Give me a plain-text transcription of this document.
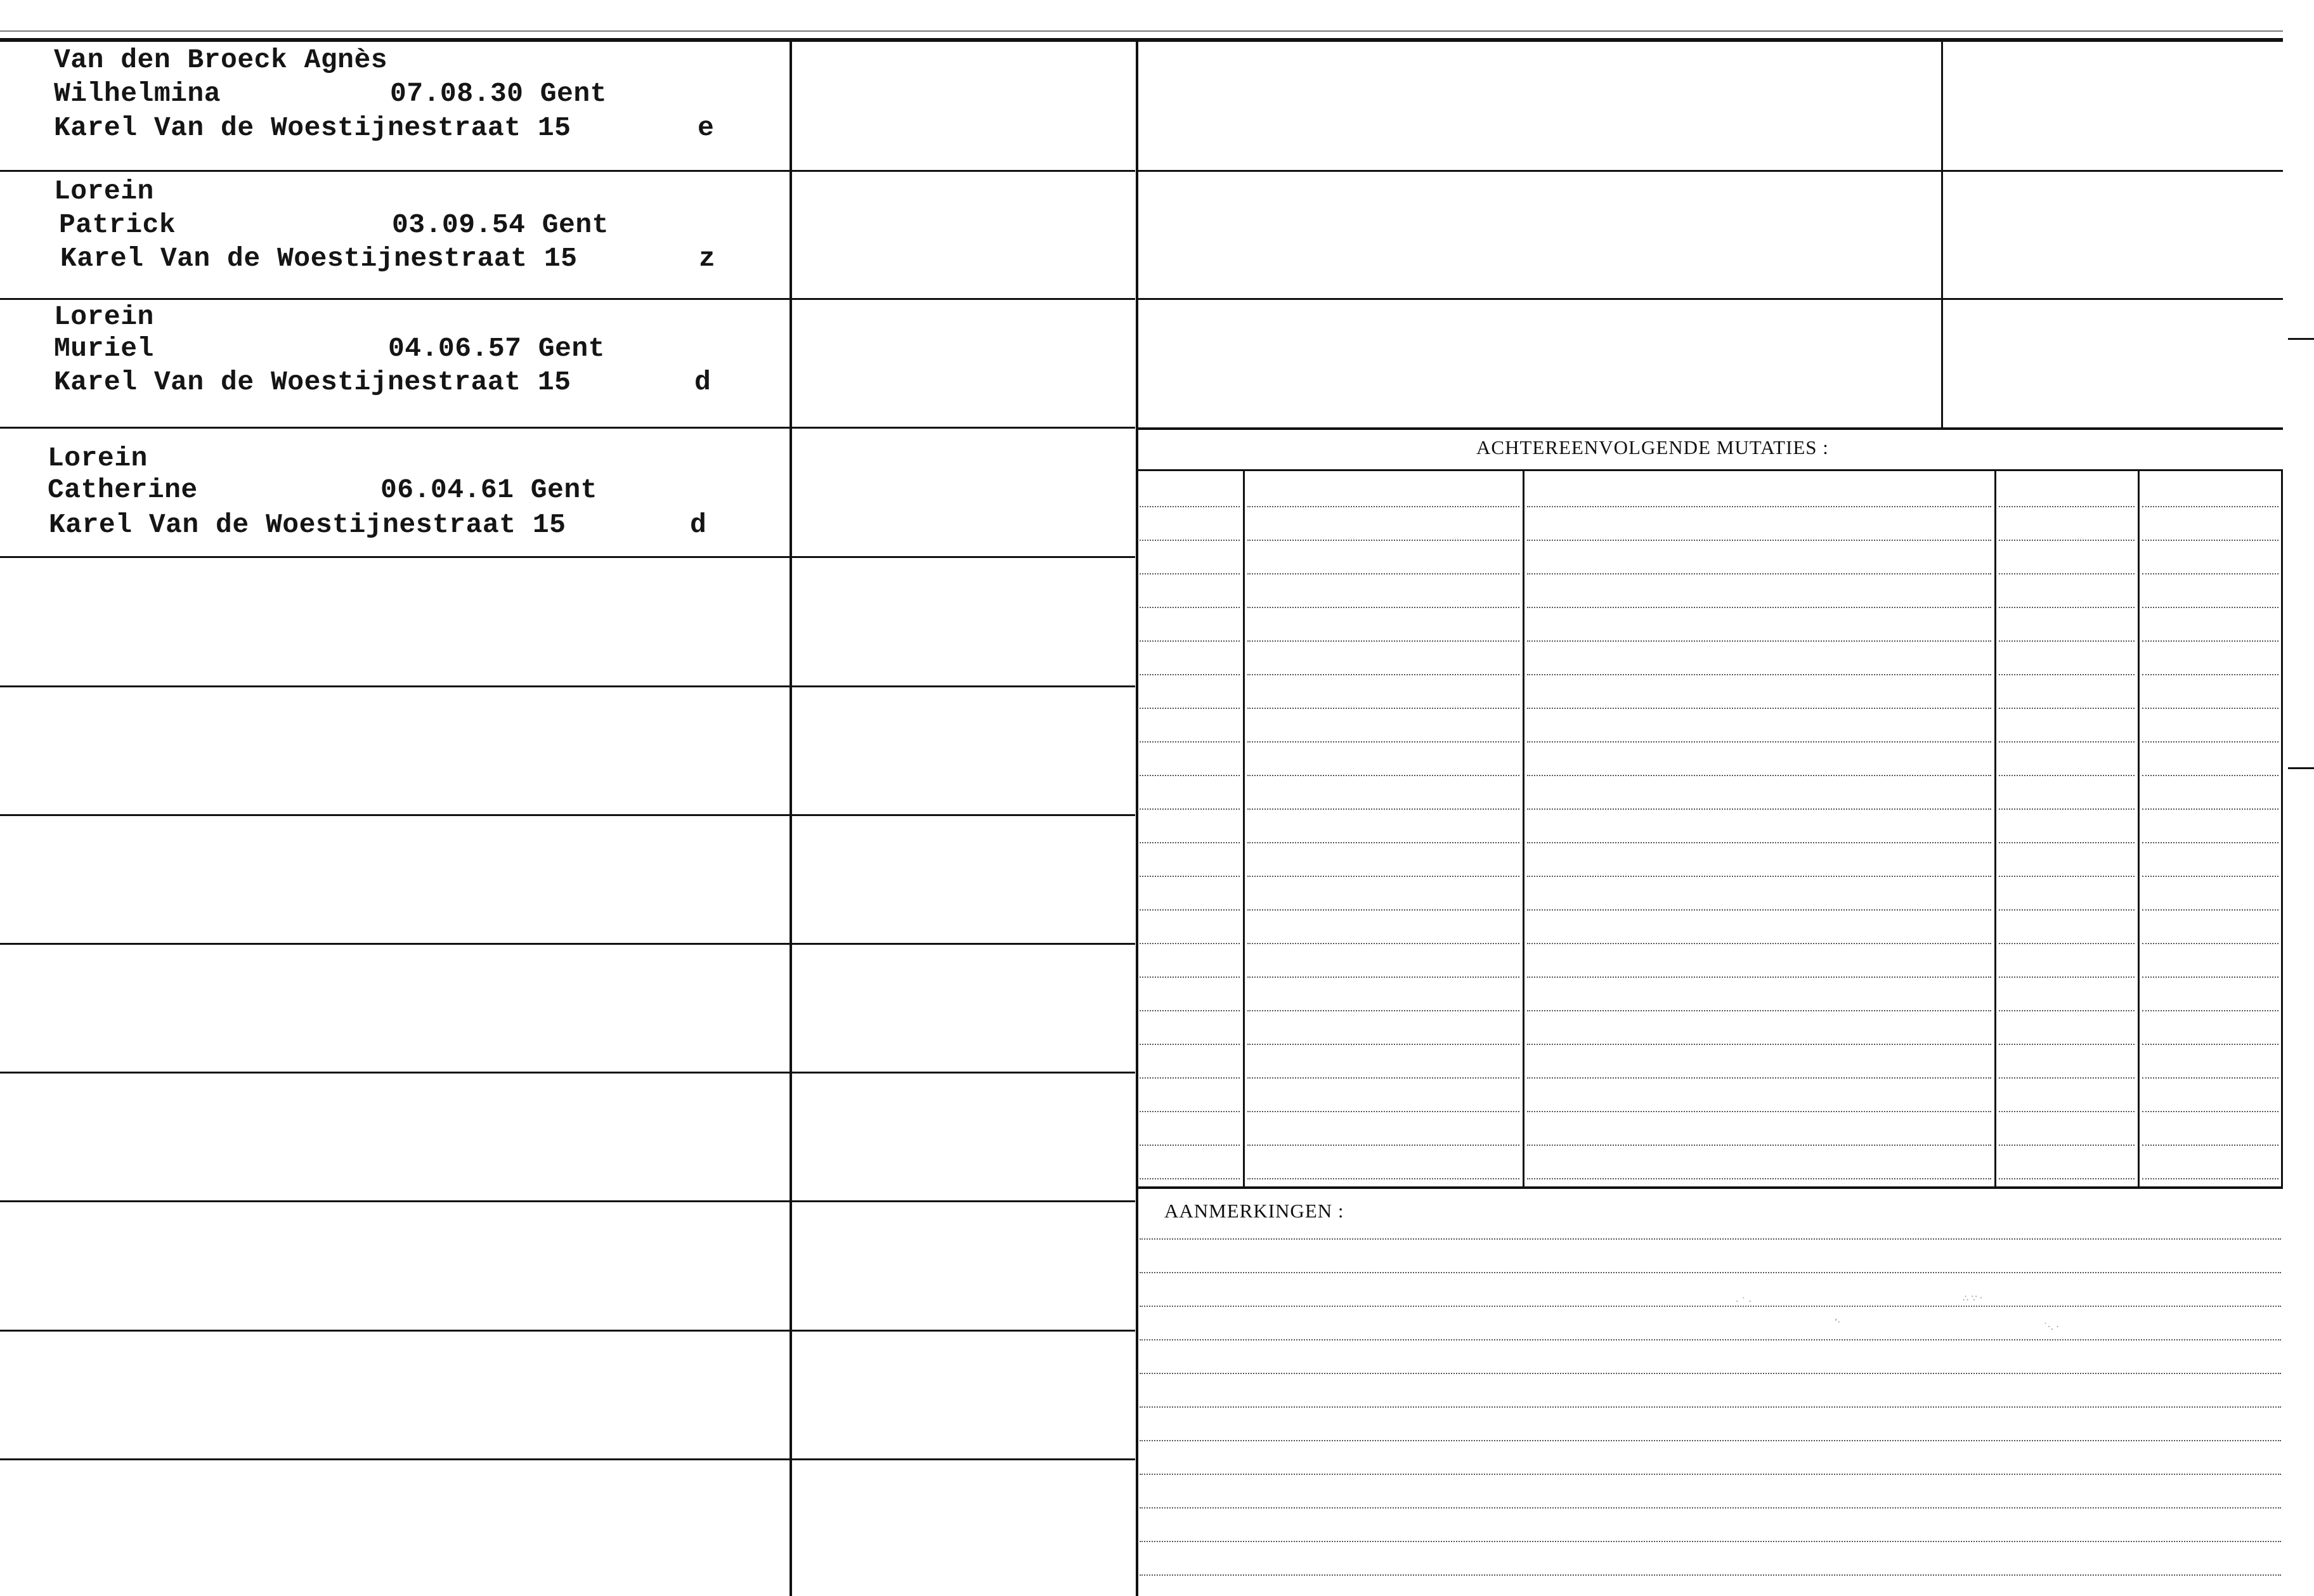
Van den Broeck Agnès
Wilhelmina	07.08.30 Gent
Karel Van de Woestijnestraat 15	e
Lorein
Patrick	03.09.54 Gent
Karel Van de Woestijnestraat 15	z
Lorein
Muriel	04.06.57 Gent
Karel Van de Woestijnestraat 15	d
Lorein
Catherine	06.04.61 Gent
Karel Van de Woestijnestraat 15	d
ACHTEREENVOLGENDE MUTATIES :
AANMERKINGEN :
· ˙ ·
ʼ‧
∴ ∵ ‧
˙·. ·
